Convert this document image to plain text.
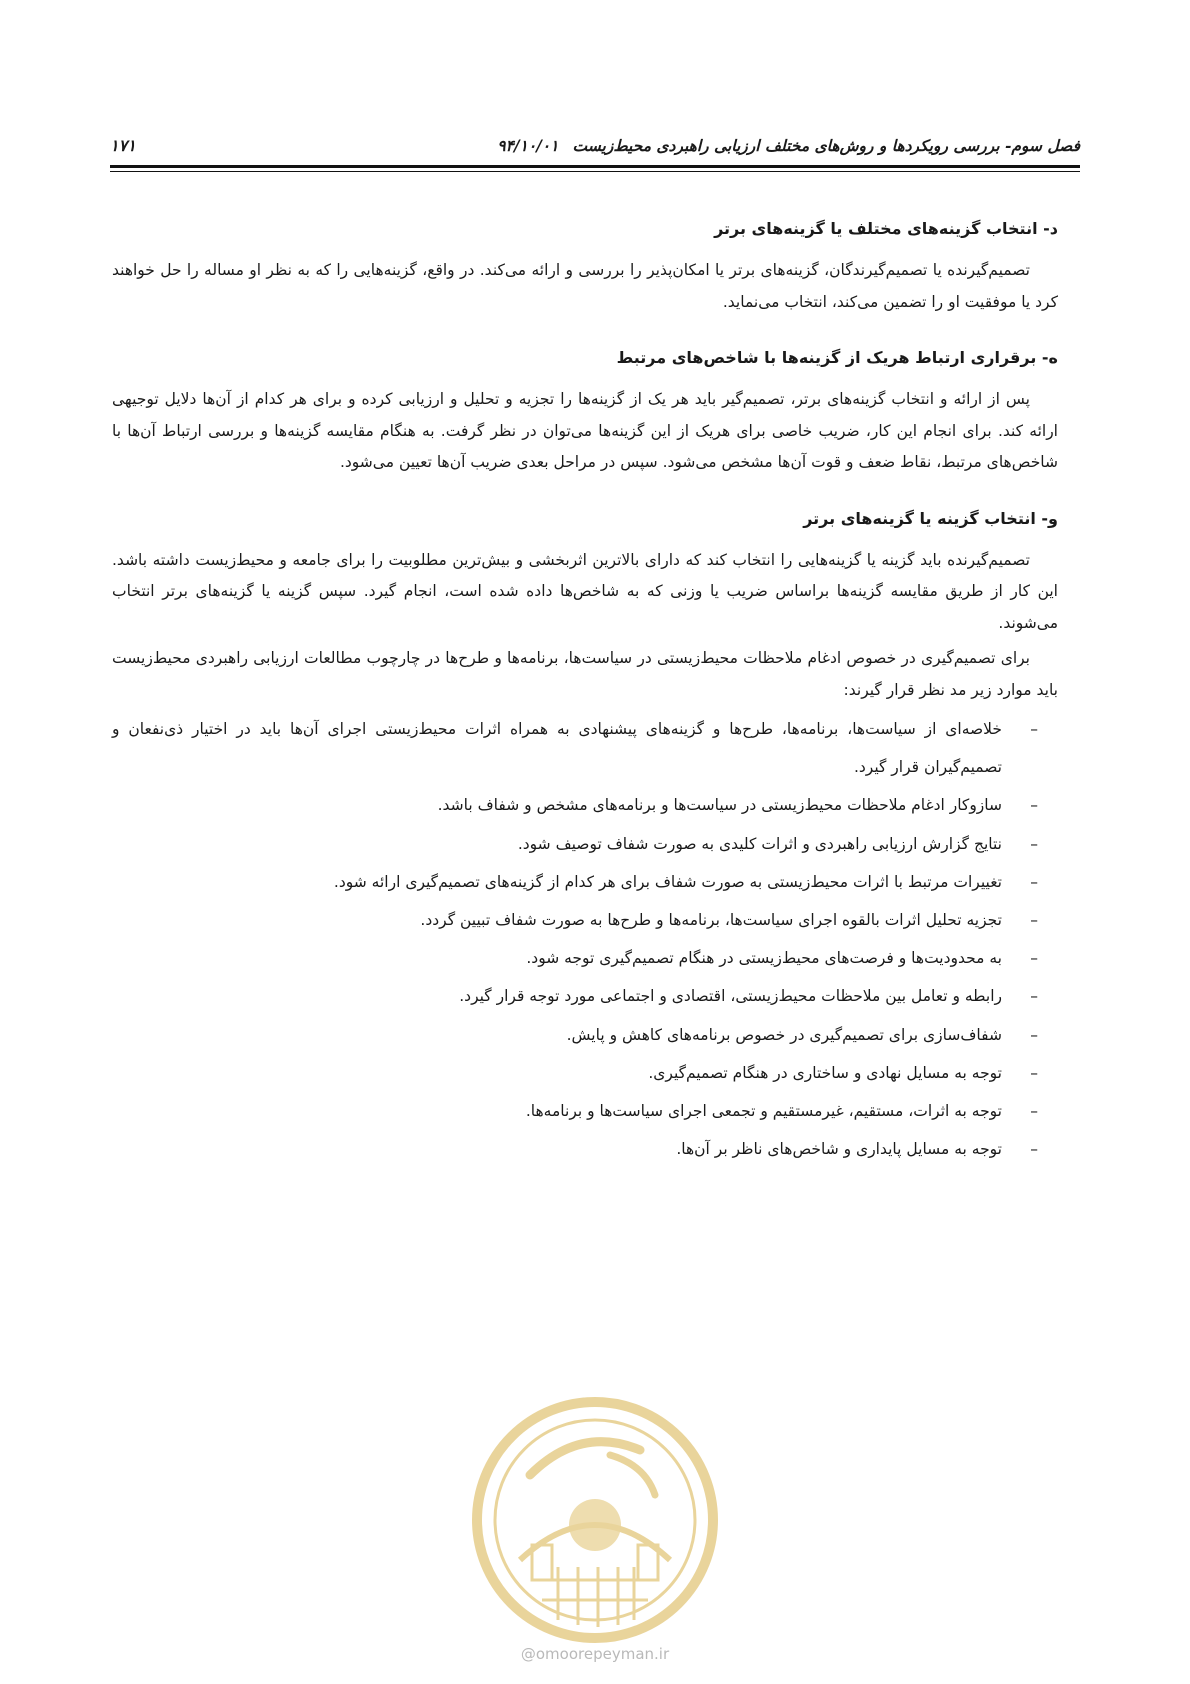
فصل سوم- بررسی رویکردها و روش‌های مختلف ارزیابی راهبردی محیط‌زیست۹۴/۱۰/۰۱
۱۷۱
د- انتخاب گزینه‌های مختلف یا گزینه‌های برتر

تصمیم‌گیرنده یا تصمیم‌گیرندگان، گزینه‌های برتر یا امکان‌پذیر را بررسی و ارائه می‌کند. در واقع، گزینه‌هایی را که به نظر او مساله را حل خواهند کرد یا موفقیت او را تضمین می‌کند، انتخاب می‌نماید.

ه- برقراری ارتباط هریک از گزینه‌ها با شاخص‌های مرتبط

پس از ارائه و انتخاب گزینه‌های برتر، تصمیم‌گیر باید هر یک از گزینه‌ها را تجزیه و تحلیل و ارزیابی کرده و برای هر کدام از آن‌ها دلایل توجیهی ارائه کند. برای انجام این کار، ضریب خاصی برای هریک از این گزینه‌ها می‌توان در نظر گرفت. به هنگام مقایسه گزینه‌ها و بررسی ارتباط آن‌ها با شاخص‌های مرتبط، نقاط ضعف و قوت آن‌ها مشخص می‌شود. سپس در مراحل بعدی ضریب آن‌ها تعیین می‌شود.

و- انتخاب گزینه یا گزینه‌های برتر

تصمیم‌گیرنده باید گزینه یا گزینه‌هایی را انتخاب کند که دارای بالاترین اثربخشی و بیش‌ترین مطلوبیت را برای جامعه و محیط‌زیست داشته باشد. این کار از طریق مقایسه گزینه‌ها براساس ضریب یا وزنی که به شاخص‌ها داده شده است، انجام گیرد. سپس گزینه یا گزینه‌های برتر انتخاب می‌شوند.

برای تصمیم‌گیری در خصوص ادغام ملاحظات محیط‌زیستی در سیاست‌ها، برنامه‌ها و طرح‌ها در چارچوب مطالعات ارزیابی راهبردی محیط‌زیست باید موارد زیر مد نظر قرار گیرند:

–
خلاصه‌ای از سیاست‌ها، برنامه‌ها، طرح‌ها و گزینه‌های پیشنهادی به همراه اثرات محیط‌زیستی اجرای آن‌ها باید در اختیار ذی‌نفعان و تصمیم‌گیران قرار گیرد.
–
سازوکار ادغام ملاحظات محیط‌زیستی در سیاست‌ها و برنامه‌های مشخص و شفاف باشد.
–
نتایج گزارش ارزیابی راهبردی و اثرات کلیدی به صورت شفاف توصیف شود.
–
تغییرات مرتبط با اثرات محیط‌زیستی به صورت شفاف برای هر کدام از گزینه‌های تصمیم‌گیری ارائه شود.
–
تجزیه تحلیل اثرات بالقوه اجرای سیاست‌ها، برنامه‌ها و طرح‌ها به صورت شفاف تبیین گردد.
–
به محدودیت‌ها و فرصت‌های محیط‌زیستی در هنگام تصمیم‌گیری توجه شود.
–
رابطه و تعامل بین ملاحظات محیط‌زیستی، اقتصادی و اجتماعی مورد توجه قرار گیرد.
–
شفاف‌سازی برای تصمیم‌گیری در خصوص برنامه‌های کاهش و پایش.
–
توجه به مسایل نهادی و ساختاری در هنگام تصمیم‌گیری.
–
توجه به اثرات، مستقیم، غیرمستقیم و تجمعی اجرای سیاست‌ها و برنامه‌ها.
–
توجه به مسایل پایداری و شاخص‌های ناظر بر آن‌ها.
@omoorepeyman.ir
